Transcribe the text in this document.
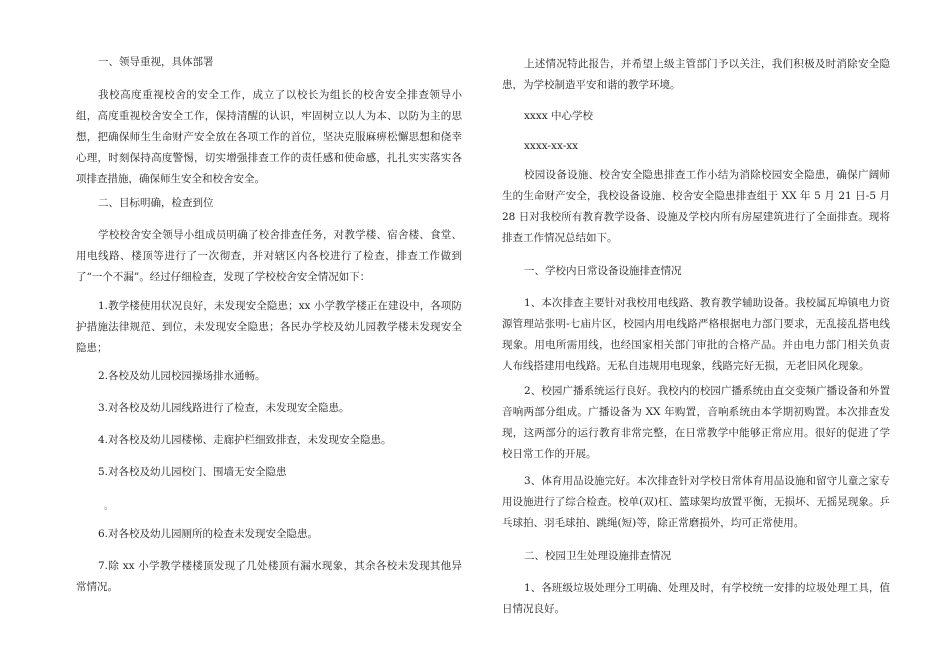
一、领导重视，具体部署

我校高度重视校舍的安全工作，成立了以校长为组长的校舍安全排查领导小组，高度重视校舍安全工作，保持清醒的认识，牢固树立以人为本、以防为主的思想，把确保师生生命财产安全放在各项工作的首位，坚决克服麻痹松懈思想和侥幸心理，时刻保持高度警惕，切实增强排查工作的责任感和使命感，扎扎实实落实各项排查措施，确保师生安全和校舍安全。

二、目标明确，检查到位

学校校舍安全领导小组成员明确了校舍排查任务，对教学楼、宿舍楼、食堂、用电线路、楼顶等进行了一次彻查，并对辖区内各校进行了检查，排查工作做到了“一个不漏”。经过仔细检查，发现了学校校舍安全情况如下：

1.教学楼使用状况良好，未发现安全隐患；xx 小学教学楼正在建设中，各项防护措施法律规范、到位，未发现安全隐患；各民办学校及幼儿园教学楼未发现安全隐患；

2.各校及幼儿园校园操场排水通畅。

3.对各校及幼儿园线路进行了检查，未发现安全隐患。

4.对各校及幼儿园楼梯、走廊护栏细致排查，未发现安全隐患。

5.对各校及幼儿园校门、围墙无安全隐患

。

6.对各校及幼儿园厕所的检查未发现安全隐患。

7.除 xx 小学教学楼楼顶发现了几处楼顶有漏水现象，其余各校未发现其他异常情况。

上述情况特此报告，并希望上级主管部门予以关注，我们积极及时消除安全隐患，为学校制造平安和谐的教学环境。

xxxx 中心学校
xxxx-xx-xx

校园设备设施、校舍安全隐患排查工作小结为消除校园安全隐患，确保广阔师生的生命财产安全，我校设备设施、校舍安全隐患排查组于 XX 年 5 月 21 日-5 月 28 日对我校所有教育教学设备、设施及学校内所有房屋建筑进行了全面排查。现将排查工作情况总结如下。

一、学校内日常设备设施排查情况

1、本次排查主要针对我校用电线路、教育教学辅助设备。我校属瓦埠镇电力资源管理站张明-七庙片区，校园内用电线路严格根据电力部门要求，无乱接乱搭电线现象。用电所需用线，也经国家相关部门审批的合格产品。并由电力部门相关负责人布线搭建用电线路。无私自违规用电现象，线路完好无损，无老旧风化现象。

2、校园广播系统运行良好。我校内的校园广播系统由直交变频广播设备和外置音响两部分组成。广播设备为 XX 年购置，音响系统由本学期初购置。本次排查发现，这两部分的运行教育非常完整，在日常教学中能够正常应用。很好的促进了学校日常工作的开展。

3、体育用品设施完好。本次排查针对学校日常体育用品设施和留守儿童之家专用设施进行了综合检查。校单(双)杠、篮球架均放置平衡，无损坏、无摇晃现象。乒乓球拍、羽毛球拍、跳绳(短)等，除正常磨损外，均可正常使用。

二、校园卫生处理设施排查情况

1、各班级垃圾处理分工明确、处理及时，有学校统一安排的垃圾处理工具，值日情况良好。
